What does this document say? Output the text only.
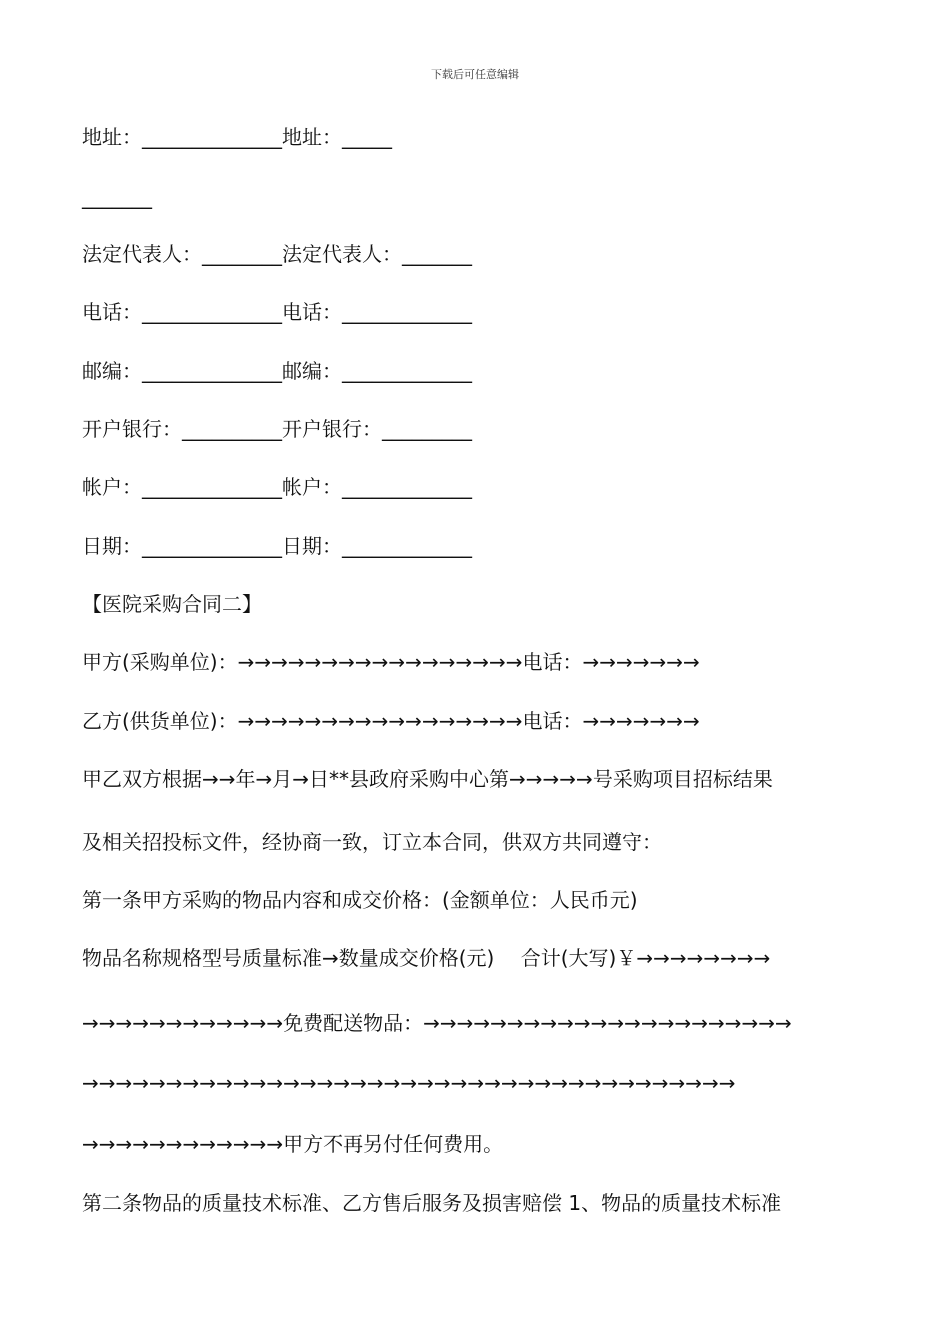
下载后可任意编辑
地址：______________地址：_____
_______
法定代表人：________法定代表人：_______
电话：______________电话：_____________
邮编：______________邮编：_____________
开户银行：__________开户银行：_________
帐户：______________帐户：_____________
日期：______________日期：_____________
【医院采购合同二】
甲方(采购单位)：→→→→→→→→→→→→→→→→→电话：→→→→→→→
乙方(供货单位)：→→→→→→→→→→→→→→→→→电话：→→→→→→→
甲乙双方根据→→年→月→日**县政府采购中心第→→→→→号采购项目招标结果
及相关招投标文件，经协商一致，订立本合同，供双方共同遵守：
第一条甲方采购的物品内容和成交价格：(金额单位：人民币元)
物品名称规格型号质量标准→数量成交价格(元)　 合计(大写)￥→→→→→→→→
→→→→→→→→→→→→免费配送物品：→→→→→→→→→→→→→→→→→→→→→→
→→→→→→→→→→→→→→→→→→→→→→→→→→→→→→→→→→→→→→→
→→→→→→→→→→→→甲方不再另付任何费用。
第二条物品的质量技术标准、乙方售后服务及损害赔偿 1、物品的质量技术标准
